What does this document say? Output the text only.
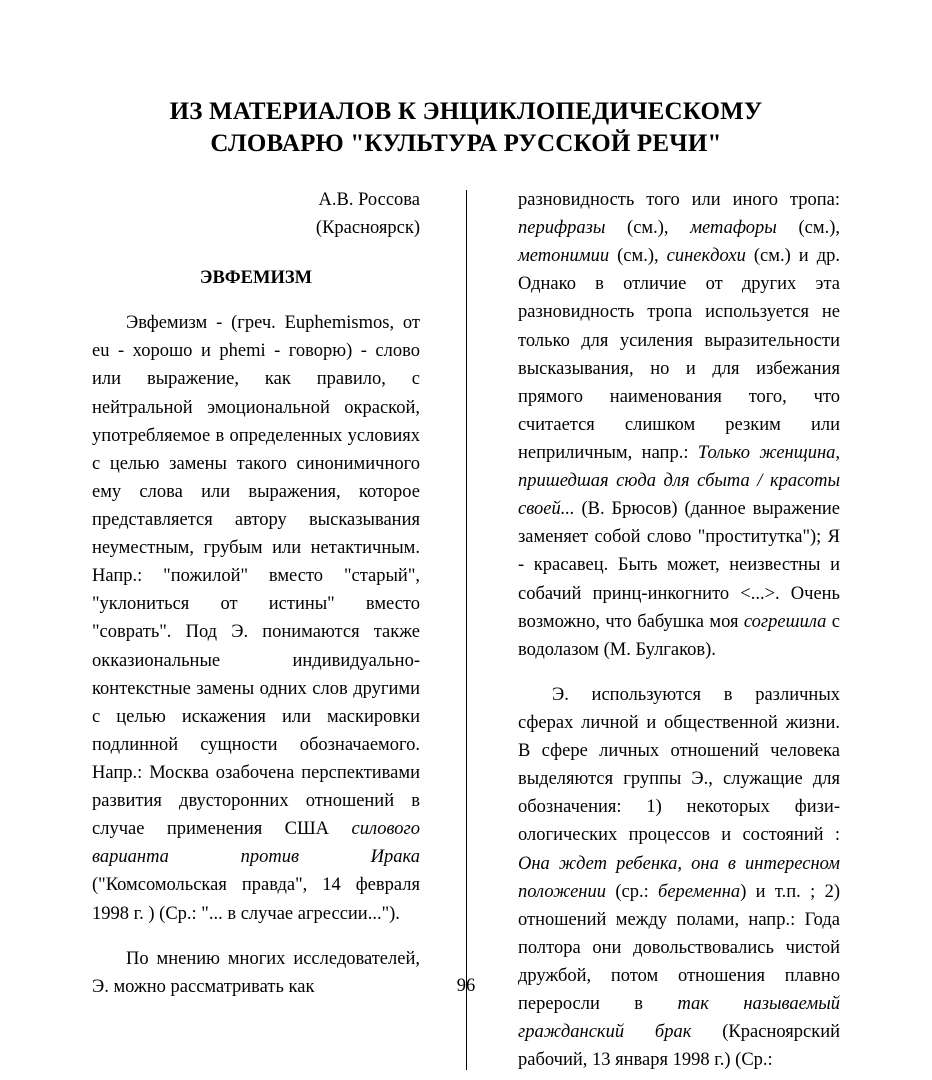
ИЗ МАТЕРИАЛОВ К ЭНЦИКЛОПЕДИЧЕСКОМУ
СЛОВАРЮ "КУЛЬТУРА РУССКОЙ РЕЧИ"

А.В. Россова

(Красноярск)

ЭВФЕМИЗМ

Эвфемизм - (греч. Euphemismos, от eu - хорошо и phemi - говорю) - слово или выражение, как правило, с нейтральной эмоциональной окраской, употребляемое в определенных условиях с целью замены такого синонимичного ему слова или выражения, которое представляется автору высказывания неуместным, грубым или нетактичным. Напр.: "пожилой" вместо "старый", "уклониться от истины" вместо "соврать". Под Э. понимаются также окказиональные индивидуально-контекстные замены одних слов другими с целью искажения или маскировки подлинной сущности обозначаемого. Напр.: Москва озабочена перспективами развития двусторонних отношений в случае применения США силового варианта против Ирака ("Комсомольская правда", 14 февраля 1998 г. ) (Ср.: "... в случае агрессии...").

По мнению многих исследователей, Э. можно рассматривать как

разновидность того или иного тропа: перифразы (см.), метафоры (см.), метонимии (см.), синекдохи (см.) и др. Однако в отличие от других эта разновидность тропа используется не только для усиления выразительности высказывания, но и для избежания прямого наименования того, что считается слишком резким или неприличным, напр.: Только женщина, пришедшая сюда для сбыта / красоты своей... (В. Брюсов) (данное выражение заменяет собой слово "проститутка"); Я - красавец. Быть может, неизвестны и собачий принц-инкогнито <...>. Очень возможно, что бабушка моя согрешила с водолазом (М. Булгаков).

Э. используются в различных сферах личной и общественной жизни. В сфере личных отношений человека выделяются группы Э., служащие для обозначения: 1) некоторых физи-ологических процессов и состояний : Она ждет ребенка, она в интересном положении (ср.: беременна) и т.п. ; 2) отношений между полами, напр.: Года полтора они довольствовались чистой дружбой, потом отношения плавно переросли в так называемый гражданский брак (Красноярский рабочий, 13 января 1998 г.) (Ср.:

96
